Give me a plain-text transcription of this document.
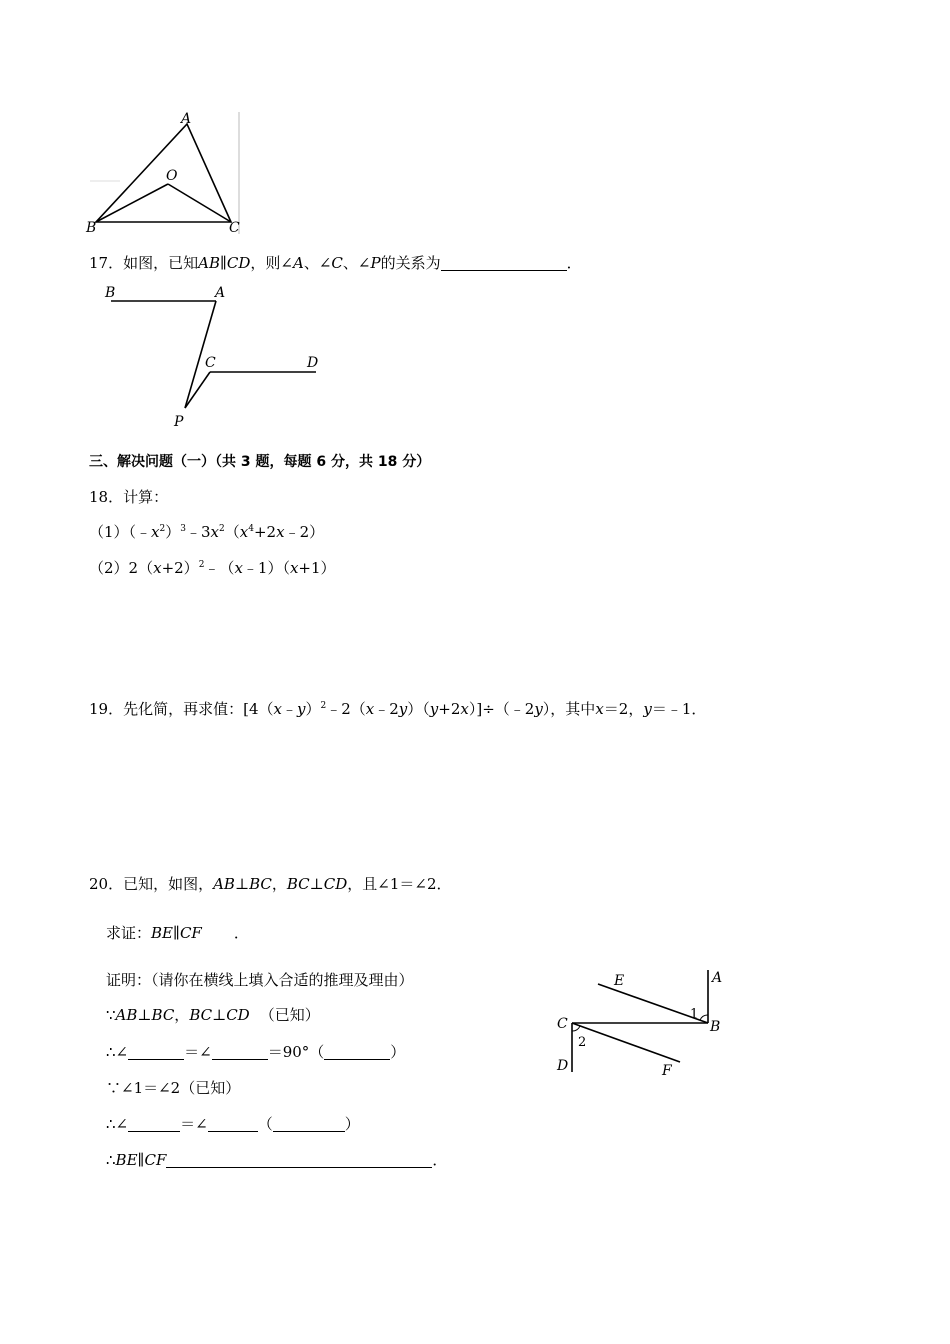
A
O
B	C
17．如图，已知AB∥CD，则∠A、∠C、∠P的关系为	．
B	A
C	D
P
三、解决问题（一）（共 3 题，每题 6 分，共 18 分）
18．计算：
$(1)(﹣x^2)^3﹣3x^2(x^4+2x﹣2)$
$(2)2(x+2)^2﹣(x﹣1)(x+1)$
19．先化简，再求值：[4（x﹣y）$^2$﹣2（x﹣2y）（y+2x）]÷（﹣2y），其中x＝2，y＝﹣1．
20．已知，如图，AB⊥BC，BC⊥CD，且∠1＝∠2．
求证：BE∥CF ．
证明：（请你在横线上填入合适的推理及理由）
∵AB⊥BC，BC⊥CD （已知）
∴∠	＝∠	＝90°（	）
∵∠1＝∠2（已知）
∴∠	＝∠	（	）
∴BE∥CF	．
E	A
1
C	B
2
D	F
